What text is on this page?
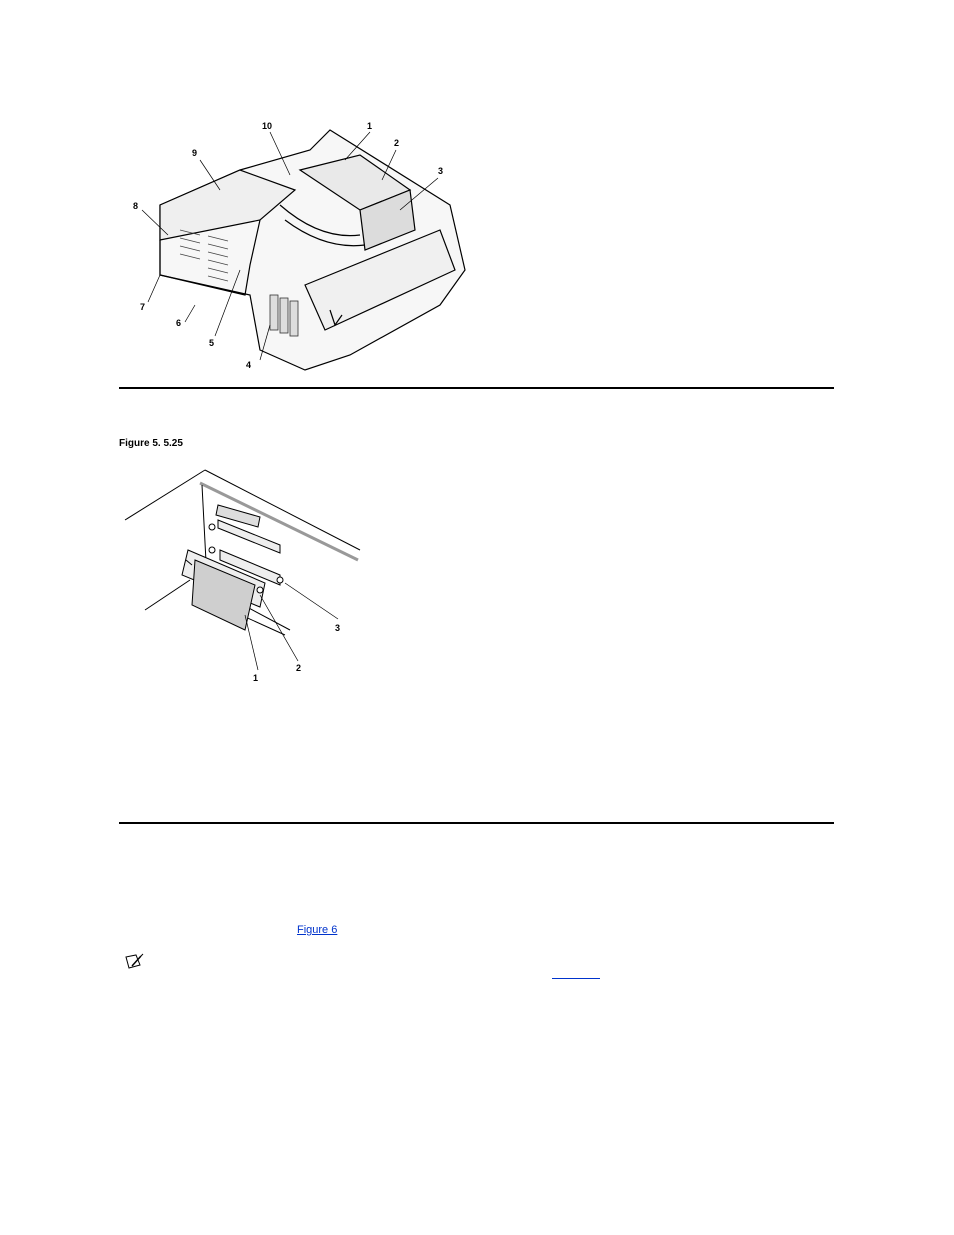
1
2
3
4
5
6
7
8
9
10
Figure 5. 5.25
1
2
3
Figure 6
